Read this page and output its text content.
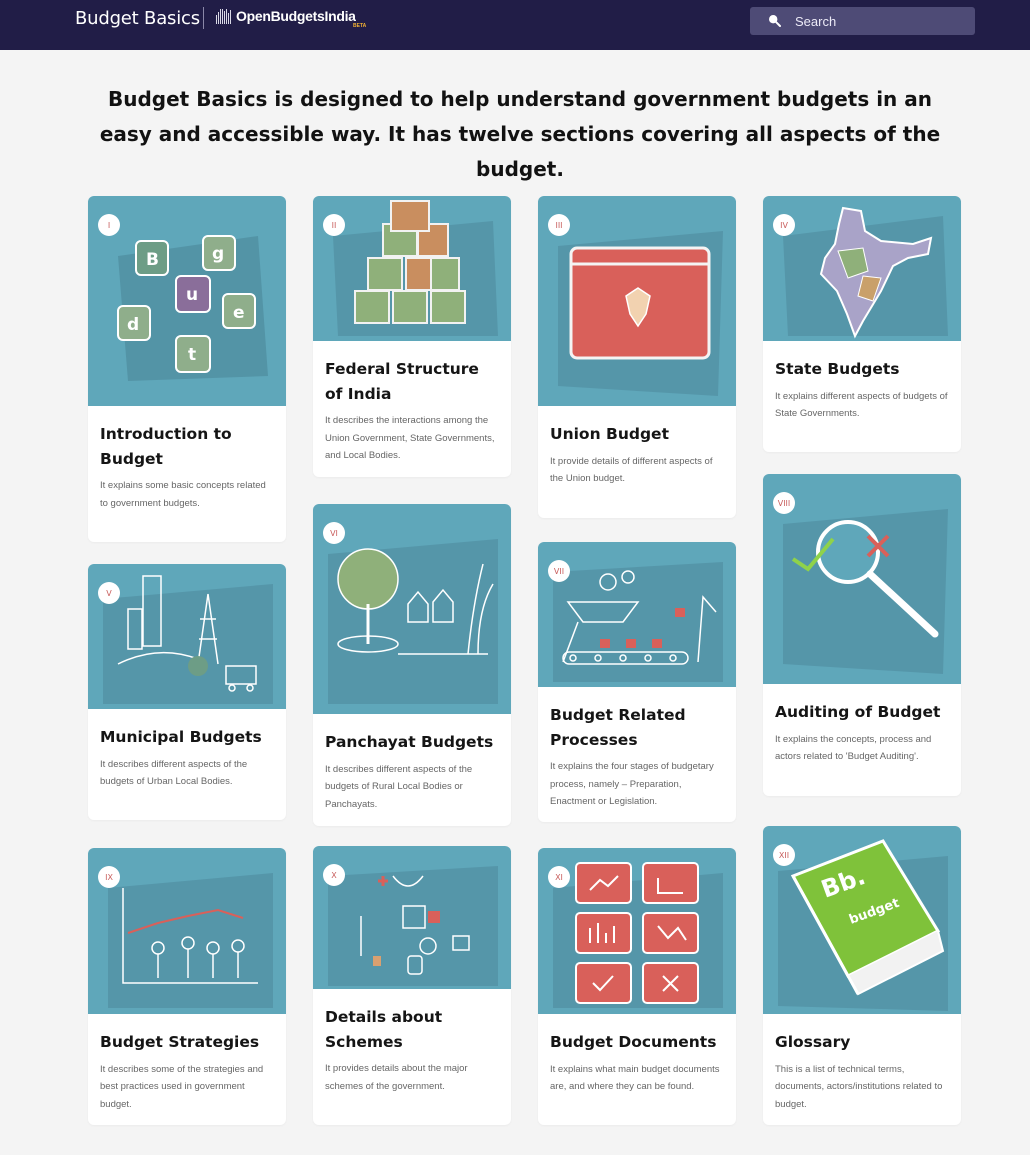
Budget Basics	OpenBudgetsIndia
BETA
Search
Budget Basics is designed to help understand government budgets in an easy and accessible way. It has twelve sections covering all aspects of the budget.
B	g
u
d
e
t
I
Introduction to Budget
It explains some basic concepts related to government budgets.
II
Federal Structure of India
It describes the interactions among the Union Government, State Governments, and Local Bodies.
III
Union Budget
It provide details of different aspects of the Union budget.
IV
State Budgets
It explains different aspects of budgets of State Governments.
V
Municipal Budgets
It describes different aspects of the budgets of Urban Local Bodies.
VI
Panchayat Budgets
It describes different aspects of the budgets of Rural Local Bodies or Panchayats.
VII
Budget Related Processes
It explains the four stages of budgetary process, namely – Preparation, Enactment or Legislation.
VIII
Auditing of Budget
It explains the concepts, process and actors related to 'Budget Auditing'.
IX
Budget Strategies
It describes some of the strategies and best practices used in government budget.
X
Details about Schemes
It provides details about the major schemes of the government.
XI
Budget Documents
It explains what main budget documents are, and where they can be found.
Bb.
budget
XII
Glossary
This is a list of technical terms, documents, actors/institutions related to budget.
